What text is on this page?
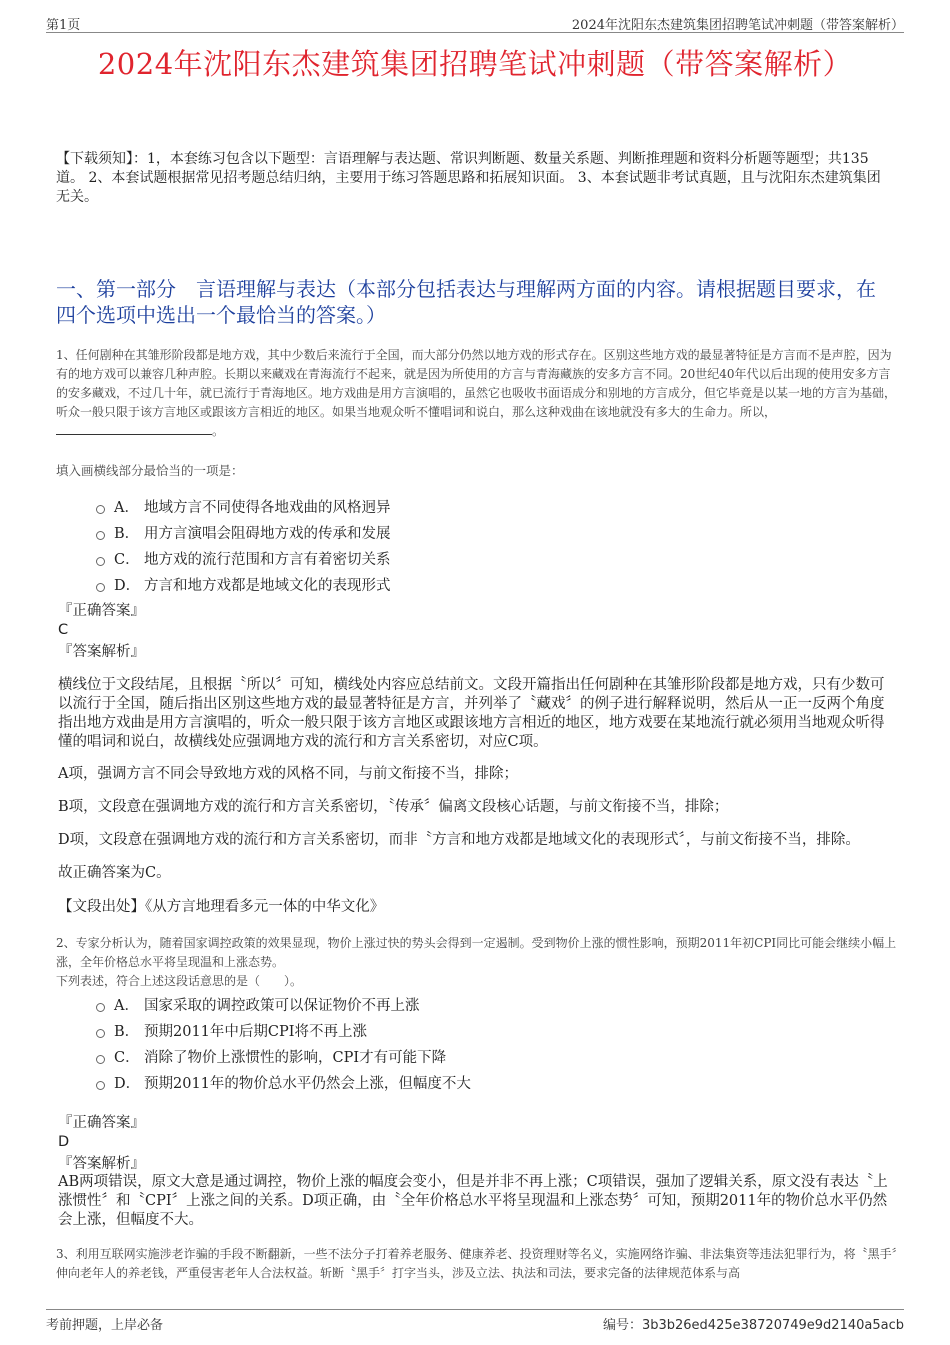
第1页	2024年沈阳东杰建筑集团招聘笔试冲刺题（带答案解析）
2024年沈阳东杰建筑集团招聘笔试冲刺题（带答案解析）
【下载须知】：1，本套练习包含以下题型：言语理解与表达题、常识判断题、数量关系题、判断推理题和资料分析题等题型；共135道。 2、本套试题根据常见招考题总结归纳，主要用于练习答题思路和拓展知识面。 3、本套试题非考试真题，且与沈阳东杰建筑集团无关。
一、第一部分　言语理解与表达（本部分包括表达与理解两方面的内容。请根据题目要求，在四个选项中选出一个最恰当的答案。）
1、任何剧种在其雏形阶段都是地方戏，其中少数后来流行于全国，而大部分仍然以地方戏的形式存在。区别这些地方戏的最显著特征是方言而不是声腔，因为有的地方戏可以兼容几种声腔。长期以来藏戏在青海流行不起来，就是因为所使用的方言与青海藏族的安多方言不同。20世纪40年代以后出现的使用安多方言的安多藏戏，不过几十年，就已流行于青海地区。地方戏曲是用方言演唱的，虽然它也吸收书面语成分和别地的方言成分，但它毕竟是以某一地的方言为基础，听众一般只限于该方言地区或跟该方言相近的地区。如果当地观众听不懂唱词和说白，那么这种戏曲在该地就没有多大的生命力。所以，。
填入画横线部分最恰当的一项是：
A． 地域方言不同使得各地戏曲的风格迥异
B． 用方言演唱会阻碍地方戏的传承和发展
C． 地方戏的流行范围和方言有着密切关系
D． 方言和地方戏都是地域文化的表现形式
『正确答案』
C
『答案解析』
横线位于文段结尾，且根据〝所以〞可知，横线处内容应总结前文。文段开篇指出任何剧种在其雏形阶段都是地方戏，只有少数可以流行于全国，随后指出区别这些地方戏的最显著特征是方言，并列举了〝藏戏〞的例子进行解释说明，然后从一正一反两个角度指出地方戏曲是用方言演唱的，听众一般只限于该方言地区或跟该地方言相近的地区，地方戏要在某地流行就必须用当地观众听得懂的唱词和说白，故横线处应强调地方戏的流行和方言关系密切，对应C项。
A项，强调方言不同会导致地方戏的风格不同，与前文衔接不当，排除；
B项，文段意在强调地方戏的流行和方言关系密切，〝传承〞偏离文段核心话题，与前文衔接不当，排除；
D项，文段意在强调地方戏的流行和方言关系密切，而非〝方言和地方戏都是地域文化的表现形式〞，与前文衔接不当，排除。
故正确答案为C。
【文段出处】《从方言地理看多元一体的中华文化》
2、专家分析认为，随着国家调控政策的效果显现，物价上涨过快的势头会得到一定遏制。受到物价上涨的惯性影响，预期2011年初CPI同比可能会继续小幅上涨，全年价格总水平将呈现温和上涨态势。
下列表述，符合上述这段话意思的是（　　）。
A． 国家采取的调控政策可以保证物价不再上涨
B． 预期2011年中后期CPI将不再上涨
C． 消除了物价上涨惯性的影响，CPI才有可能下降
D． 预期2011年的物价总水平仍然会上涨，但幅度不大
『正确答案』
D
『答案解析』
AB两项错误，原文大意是通过调控，物价上涨的幅度会变小，但是并非不再上涨；C项错误，强加了逻辑关系，原文没有表达〝上涨惯性〞和〝CPI〞上涨之间的关系。D项正确，由〝全年价格总水平将呈现温和上涨态势〞可知，预期2011年的物价总水平仍然会上涨，但幅度不大。
3、利用互联网实施涉老诈骗的手段不断翻新，一些不法分子打着养老服务、健康养老、投资理财等名义，实施网络诈骗、非法集资等违法犯罪行为，将〝黑手〞伸向老年人的养老钱，严重侵害老年人合法权益。斩断〝黑手〞打字当头，涉及立法、执法和司法，要求完备的法律规范体系与高
考前押题，上岸必备	编号：3b3b26ed425e38720749e9d2140a5acb
